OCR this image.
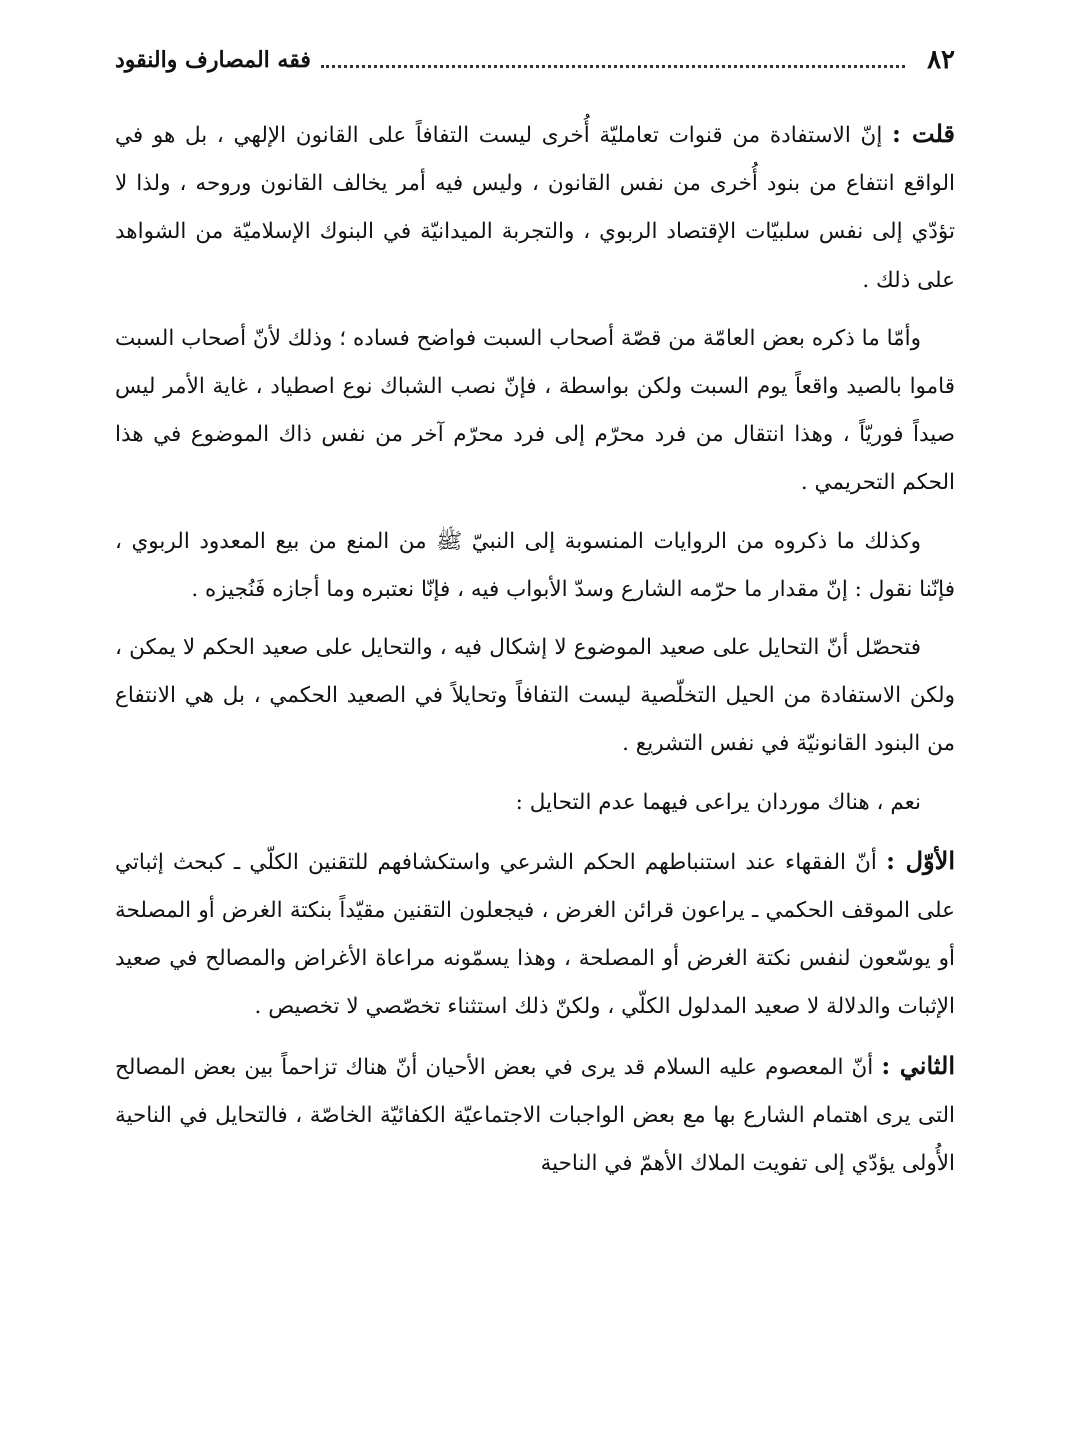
٨٢
فقه المصارف والنقود

قلت : إنّ الاستفادة من قنوات تعامليّة أُخرى ليست التفافاً على القانون الإلهي ، بل هو في الواقع انتفاع من بنود أُخرى من نفس القانون ، وليس فيه أمر يخالف القانون وروحه ، ولذا لا تؤدّي إلى نفس سلبيّات الإقتصاد الربوي ، والتجربة الميدانيّة في البنوك الإسلاميّة من الشواهد على ذلك .

وأمّا ما ذكره بعض العامّة من قصّة أصحاب السبت فواضح فساده ؛ وذلك لأنّ أصحاب السبت قاموا بالصيد واقعاً يوم السبت ولكن بواسطة ، فإنّ نصب الشباك نوع اصطياد ، غاية الأمر ليس صيداً فوريّاً ، وهذا انتقال من فرد محرّم إلى فرد محرّم آخر من نفس ذاك الموضوع في هذا الحكم التحريمي .

وكذلك ما ذكروه من الروايات المنسوبة إلى النبيّ ﷺ من المنع من بيع المعدود الربوي ، فإنّنا نقول : إنّ مقدار ما حرّمه الشارع وسدّ الأبواب فيه ، فإنّا نعتبره وما أجازه فَنُجيزه .

فتحصّل أنّ التحايل على صعيد الموضوع لا إشكال فيه ، والتحايل على صعيد الحكم لا يمكن ، ولكن الاستفادة من الحيل التخلّصية ليست التفافاً وتحايلاً في الصعيد الحكمي ، بل هي الانتفاع من البنود القانونيّة في نفس التشريع .

نعم ، هناك موردان يراعى فيهما عدم التحايل :

الأوّل : أنّ الفقهاء عند استنباطهم الحكم الشرعي واستكشافهم للتقنين الكلّي ـ كبحث إثباتي على الموقف الحكمي ـ يراعون قرائن الغرض ، فيجعلون التقنين مقيّداً بنكتة الغرض أو المصلحة أو يوسّعون لنفس نكتة الغرض أو المصلحة ، وهذا يسمّونه مراعاة الأغراض والمصالح في صعيد الإثبات والدلالة لا صعيد المدلول الكلّي ، ولكنّ ذلك استثناء تخصّصي لا تخصيص .

الثاني : أنّ المعصوم عليه السلام قد يرى في بعض الأحيان أنّ هناك تزاحماً بين بعض المصالح التى يرى اهتمام الشارع بها مع بعض الواجبات الاجتماعيّة الكفائيّة الخاصّة ، فالتحايل في الناحية الأُولى يؤدّي إلى تفويت الملاك الأهمّ في الناحية
